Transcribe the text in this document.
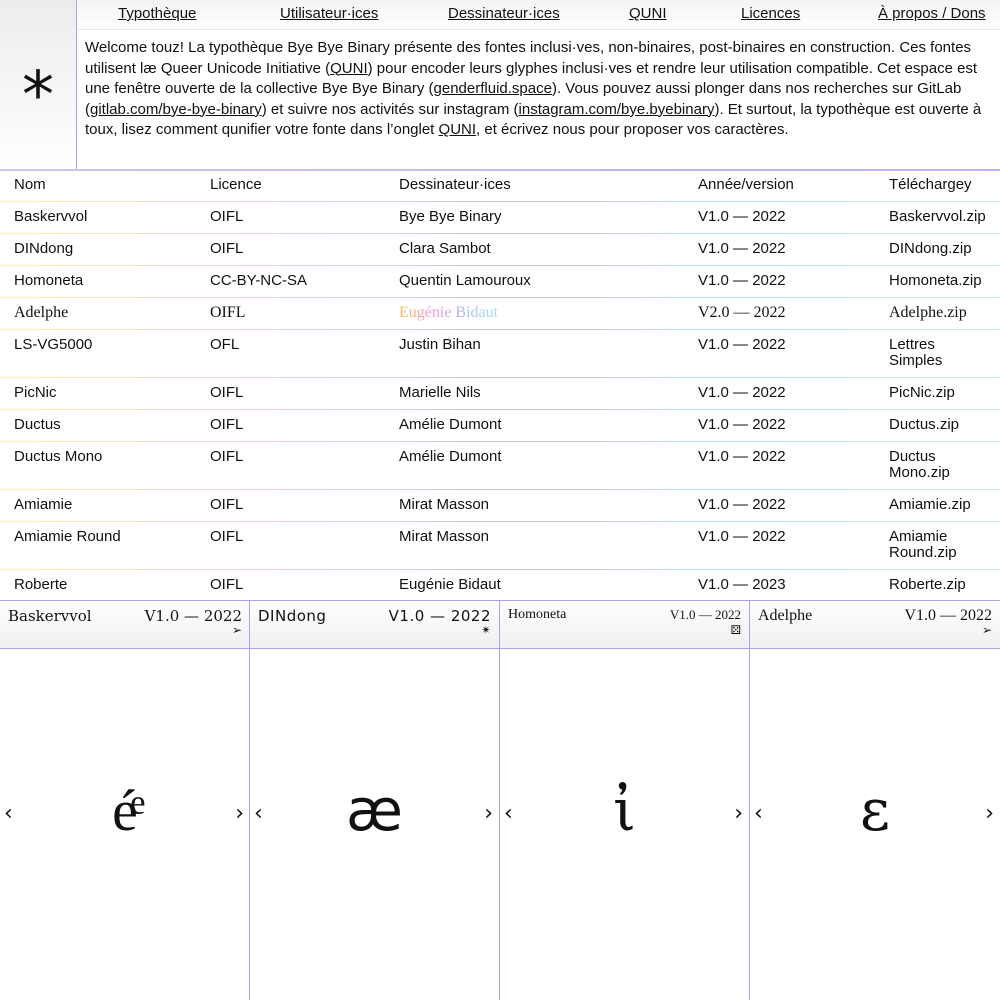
*
Typothèque	Utilisateur·ices	Dessinateur·ices	QUNI	Licences	À propos / Dons
Welcome touz! La typothèque Bye Bye Binary présente des fontes inclusi·ves, non-binaires, post-binaires en construction. Ces fontes utilisent læ Queer Unicode Initiative (QUNI) pour encoder leurs glyphes inclusi·ves et rendre leur utilisation compatible. Cet espace est une fenêtre ouverte de la collective Bye Bye Binary (genderfluid.space). Vous pouvez aussi plonger dans nos recherches sur GitLab (gitlab.com/bye-bye-binary) et suivre nos activités sur instagram (instagram.com/bye.byebinary). Et surtout, la typothèque est ouverte à toux, lisez comment qunifier votre fonte dans l’onglet QUNI, et écrivez nous pour proposer vos caractères.
Nom	Licence	Dessinateur·ices	Année/version	Téléchargey
Baskervvol	OIFL	Bye Bye Binary	V1.0 — 2022	Baskervvol.zip
DINdong	OIFL	Clara Sambot	V1.0 — 2022	DINdong.zip
Homoneta	CC-BY-NC-SA	Quentin Lamouroux	V1.0 — 2022	Homoneta.zip
Adelphe	OIFL	Eugénie Bidaut	V2.0 — 2022	Adelphe.zip
LS-VG5000	OFL	Justin Bihan	V1.0 — 2022	Lettres Simples
PicNic	OIFL	Marielle Nils	V1.0 — 2022	PicNic.zip
Ductus	OIFL	Amélie Dumont	V1.0 — 2022	Ductus.zip
Ductus Mono	OIFL	Amélie Dumont	V1.0 — 2022	Ductus Mono.zip
Amiamie	OIFL	Mirat Masson	V1.0 — 2022	Amiamie.zip
Amiamie Round	OIFL	Mirat Masson	V1.0 — 2022	Amiamie Round.zip
Roberte	OIFL	Eugénie Bidaut	V1.0 — 2023	Roberte.zip
Baskervvol	V1.0 — 2022
➢
‹	éͤ	›
DINdong	V1.0 — 2022
✴
‹	æ	›
Homoneta	V1.0 — 2022
⚄
‹	ἰ	›
Adelphe	V1.0 — 2022
➢
‹	ε	›
